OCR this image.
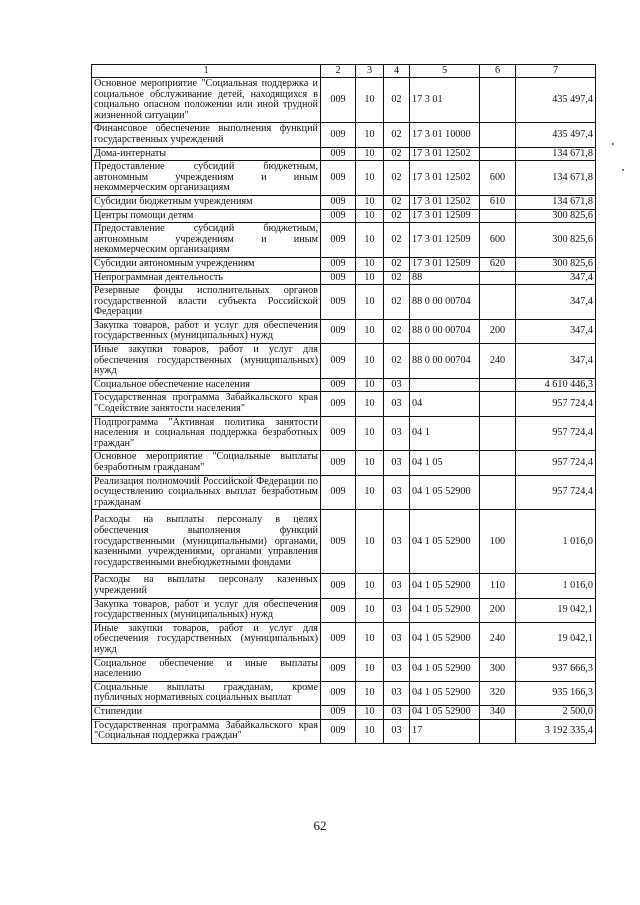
1	2	3	4	5	6	7
Основное мероприятие "Социальная поддержка и социальное обслуживание детей, находящихся в социально опасном положении или иной трудной жизненной ситуации"	009	10	02	17 3 01		435 497,4
Финансовое обеспечение выполнения функций государственных учреждений	009	10	02	17 3 01 10000		435 497,4
Дома-интернаты	009	10	02	17 3 01 12502		134 671,8
Предоставление субсидий бюджетным, автономным учреждениям и иным некоммерческим организациям	009	10	02	17 3 01 12502	600	134 671,8
Субсидии бюджетным учреждениям	009	10	02	17 3 01 12502	610	134 671,8
Центры помощи детям	009	10	02	17 3 01 12509		300 825,6
Предоставление субсидий бюджетным, автономным учреждениям и иным некоммерческим организациям	009	10	02	17 3 01 12509	600	300 825,6
Субсидии автономным учреждениям	009	10	02	17 3 01 12509	620	300 825,6
Непрограммная деятельность	009	10	02	88		347,4
Резервные фонды исполнительных органов государственной власти субъекта Российской Федерации	009	10	02	88 0 00 00704		347,4
Закупка товаров, работ и услуг для обеспечения государственных (муниципальных) нужд	009	10	02	88 0 00 00704	200	347,4
Иные закупки товаров, работ и услуг для обеспечения государственных (муниципальных) нужд	009	10	02	88 0 00 00704	240	347,4
Социальное обеспечение населения	009	10	03			4 610 446,3
Государственная программа Забайкальского края "Содействие занятости населения"	009	10	03	04		957 724,4
Подпрограмма "Активная политика занятости населения и социальная поддержка безработных граждан"	009	10	03	04 1		957 724,4
Основное мероприятие "Социальные выплаты безработным гражданам"	009	10	03	04 1 05		957 724,4
Реализация полномочий Российской Федерации по осуществлению социальных выплат безработным гражданам	009	10	03	04 1 05 52900		957 724,4
Расходы на выплаты персоналу в целях обеспечения выполнения функций государственными (муниципальными) органами, казенными учреждениями, органами управления государственными внебюджетными фондами	009	10	03	04 1 05 52900	100	1 016,0
Расходы на выплаты персоналу казенных учреждений	009	10	03	04 1 05 52900	110	1 016,0
Закупка товаров, работ и услуг для обеспечения государственных (муниципальных) нужд	009	10	03	04 1 05 52900	200	19 042,1
Иные закупки товаров, работ и услуг для обеспечения государственных (муниципальных) нужд	009	10	03	04 1 05 52900	240	19 042,1
Социальное обеспечение и иные выплаты населению	009	10	03	04 1 05 52900	300	937 666,3
Социальные выплаты гражданам, кроме публичных нормативных социальных выплат	009	10	03	04 1 05 52900	320	935 166,3
Стипендии	009	10	03	04 1 05 52900	340	2 500,0
Государственная программа Забайкальского края "Социальная поддержка граждан"	009	10	03	17		3 192 335,4
62
